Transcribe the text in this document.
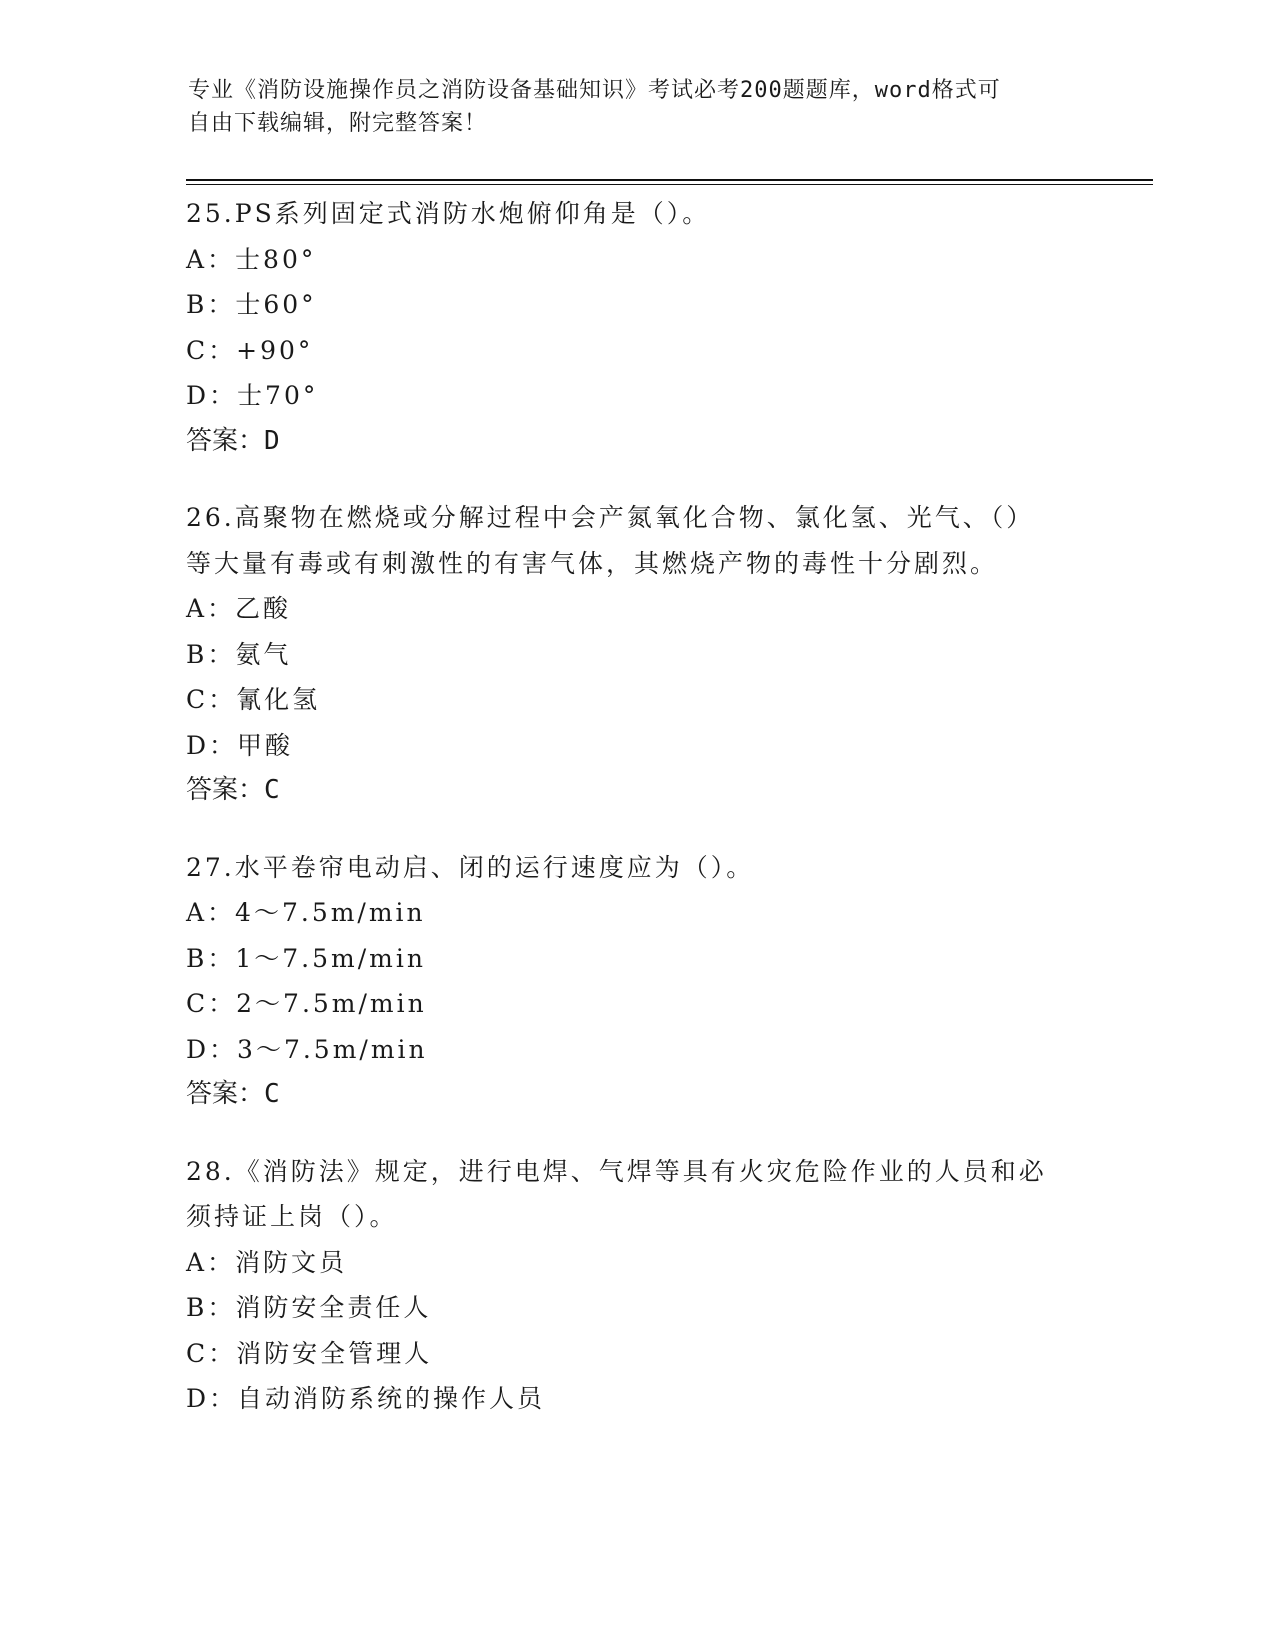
专业《消防设施操作员之消防设备基础知识》考试必考200题题库，word格式可
自由下载编辑，附完整答案！
25.PS系列固定式消防水炮俯仰角是（）。
A：士80°
B：士60°
C：+90°
D：士70°
答案：D
26.高聚物在燃烧或分解过程中会产氮氧化合物、氯化氢、光气、（）
等大量有毒或有刺激性的有害气体，其燃烧产物的毒性十分剧烈。
A：乙酸
B：氨气
C：氰化氢
D：甲酸
答案：C
27.水平卷帘电动启、闭的运行速度应为（）。
A：4～7.5m/min
B：1～7.5m/min
C：2～7.5m/min
D：3～7.5m/min
答案：C
28.《消防法》规定，进行电焊、气焊等具有火灾危险作业的人员和必
须持证上岗（）。
A：消防文员
B：消防安全责任人
C：消防安全管理人
D：自动消防系统的操作人员
